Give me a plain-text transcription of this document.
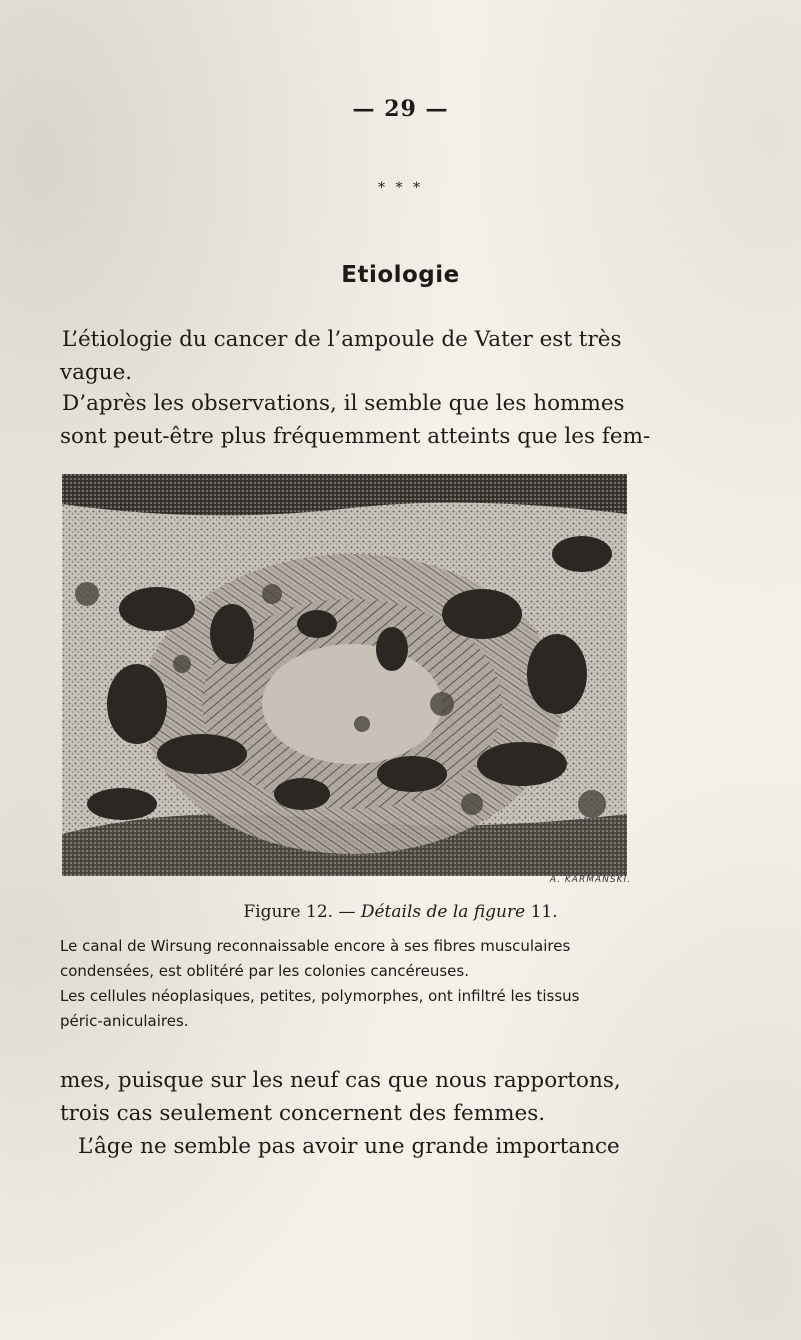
— 29 —
* * *
Etiologie
L’étiologie du cancer de l’ampoule de Vater est très
vague.
D’après les observations, il semble que les hommes
sont peut-être plus fréquemment atteints que les fem-
A. KARMANSKI.
Figure 12. — Détails de la figure 11.
Le canal de Wirsung reconnaissable encore à ses fibres musculaires
condensées, est oblitéré par les colonies cancéreuses.
Les cellules néoplasiques, petites, polymorphes, ont infiltré les tissus
péric-aniculaires.
mes, puisque sur les neuf cas que nous rapportons,
trois cas seulement concernent des femmes.
L’âge ne semble pas avoir une grande importance
